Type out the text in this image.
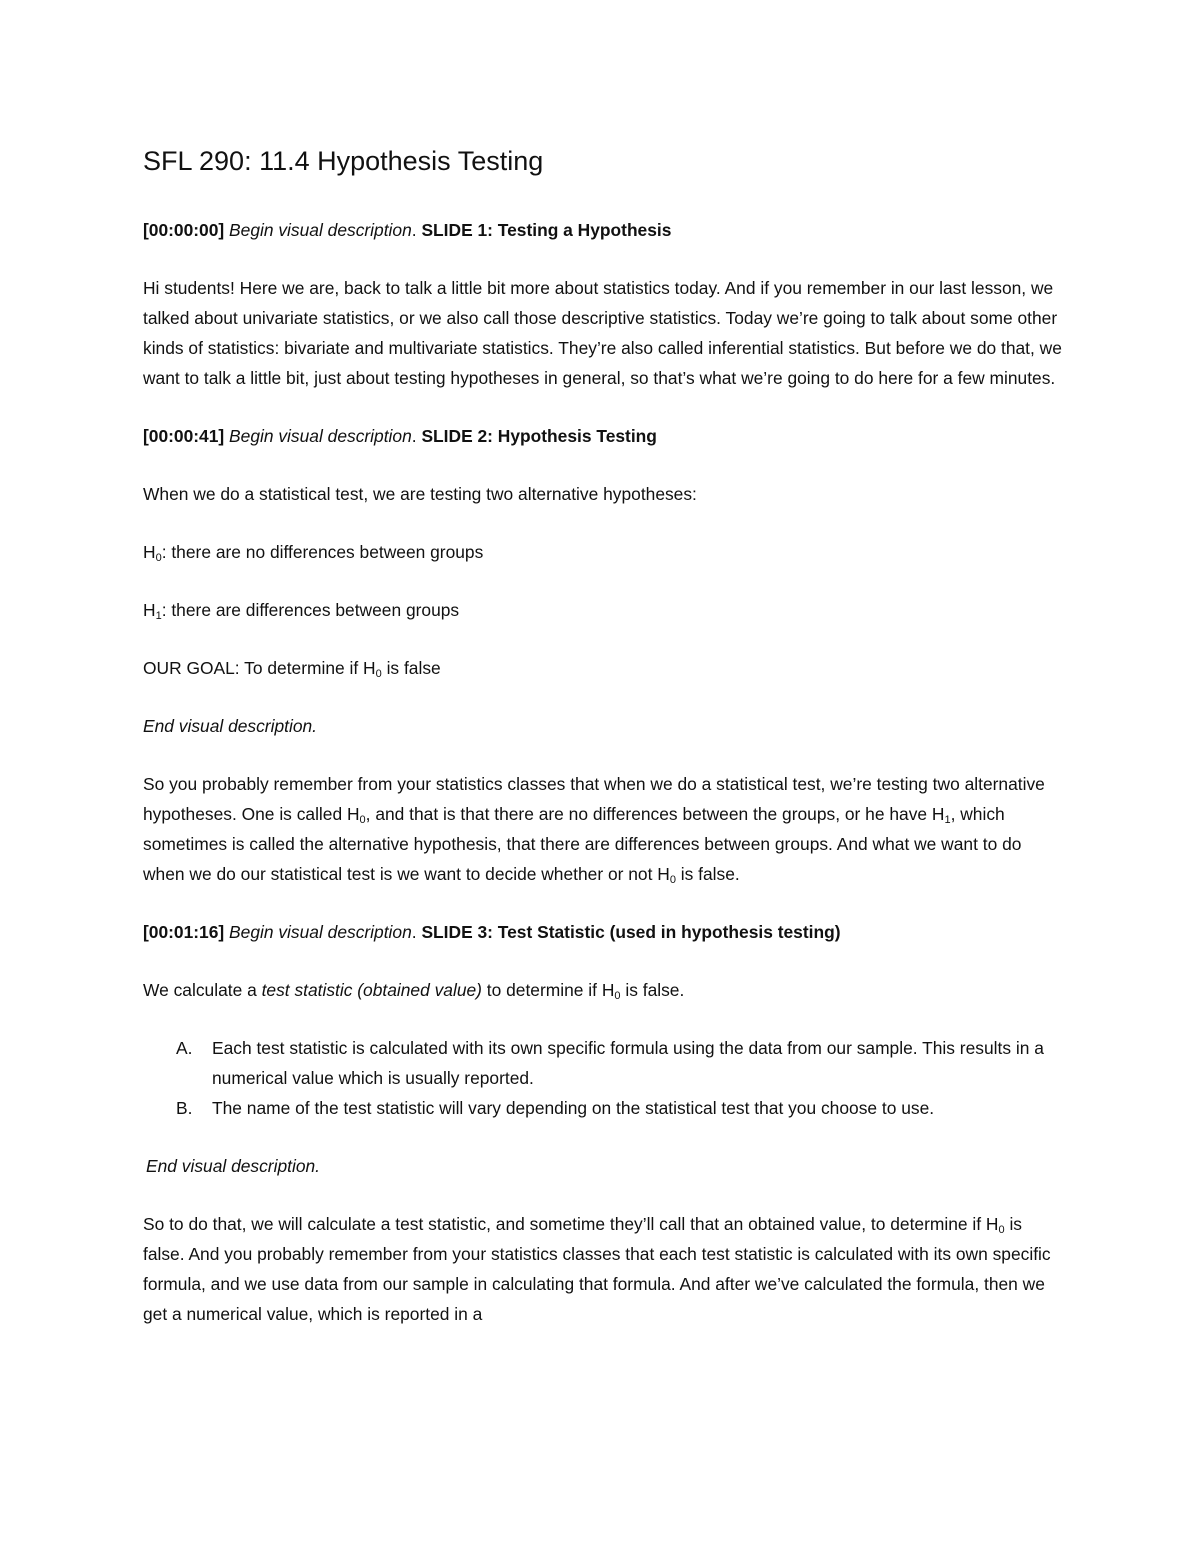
SFL 290: 11.4 Hypothesis Testing

[00:00:00] Begin visual description. SLIDE 1: Testing a Hypothesis

Hi students! Here we are, back to talk a little bit more about statistics today. And if you remember in our last lesson, we talked about univariate statistics, or we also call those descriptive statistics. Today we’re going to talk about some other kinds of statistics: bivariate and multivariate statistics. They’re also called inferential statistics. But before we do that, we want to talk a little bit, just about testing hypotheses in general, so that’s what we’re going to do here for a few minutes.

[00:00:41] Begin visual description. SLIDE 2: Hypothesis Testing

When we do a statistical test, we are testing two alternative hypotheses:

$H_0$: there are no differences between groups

$H_1$: there are differences between groups

OUR GOAL: To determine if $H_0$ is false

End visual description.

So you probably remember from your statistics classes that when we do a statistical test, we’re testing two alternative hypotheses. One is called $H_0$, and that is that there are no differences between the groups, or he have $H_1$, which sometimes is called the alternative hypothesis, that there are differences between groups. And what we want to do when we do our statistical test is we want to decide whether or not $H_0$ is false.

[00:01:16] Begin visual description. SLIDE 3: Test Statistic (used in hypothesis testing)

We calculate a test statistic (obtained value) to determine if $H_0$ is false.

A. Each test statistic is calculated with its own specific formula using the data from our sample. This results in a numerical value which is usually reported.
B. The name of the test statistic will vary depending on the statistical test that you choose to use.

End visual description.

So to do that, we will calculate a test statistic, and sometime they’ll call that an obtained value, to determine if $H_0$ is false. And you probably remember from your statistics classes that each test statistic is calculated with its own specific formula, and we use data from our sample in calculating that formula. And after we’ve calculated the formula, then we get a numerical value, which is reported in a
